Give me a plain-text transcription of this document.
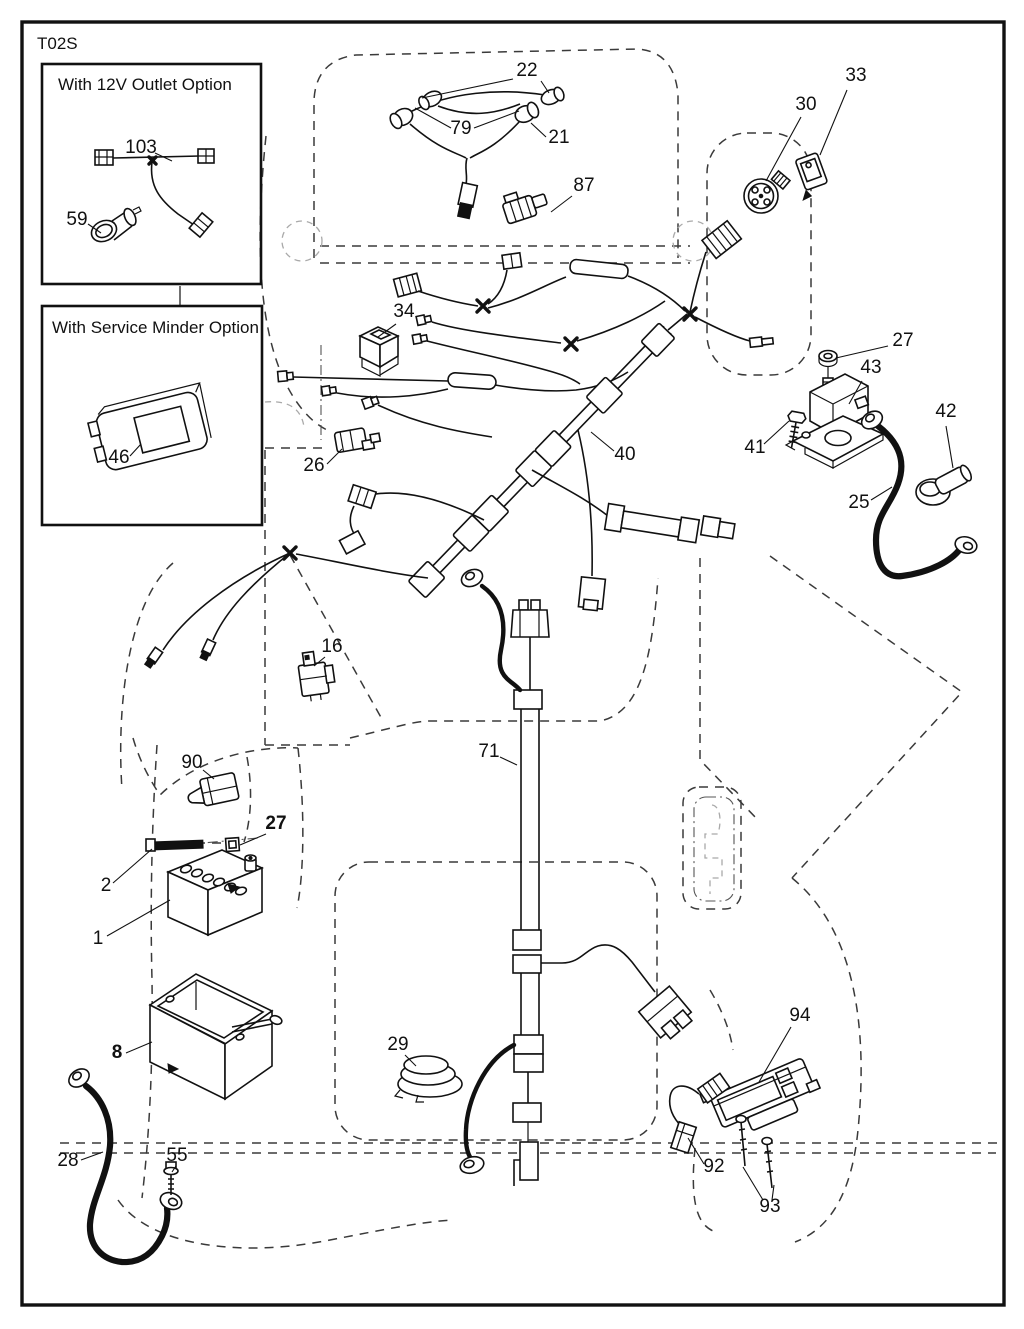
T02S
With 12V Outlet Option
With Service Minder Option
103
59
46
22
79	21
87
30
33
34
26
40
27
43
41
42
25
16
90
27
2
1
71
8	29
28	55
94
92
93
